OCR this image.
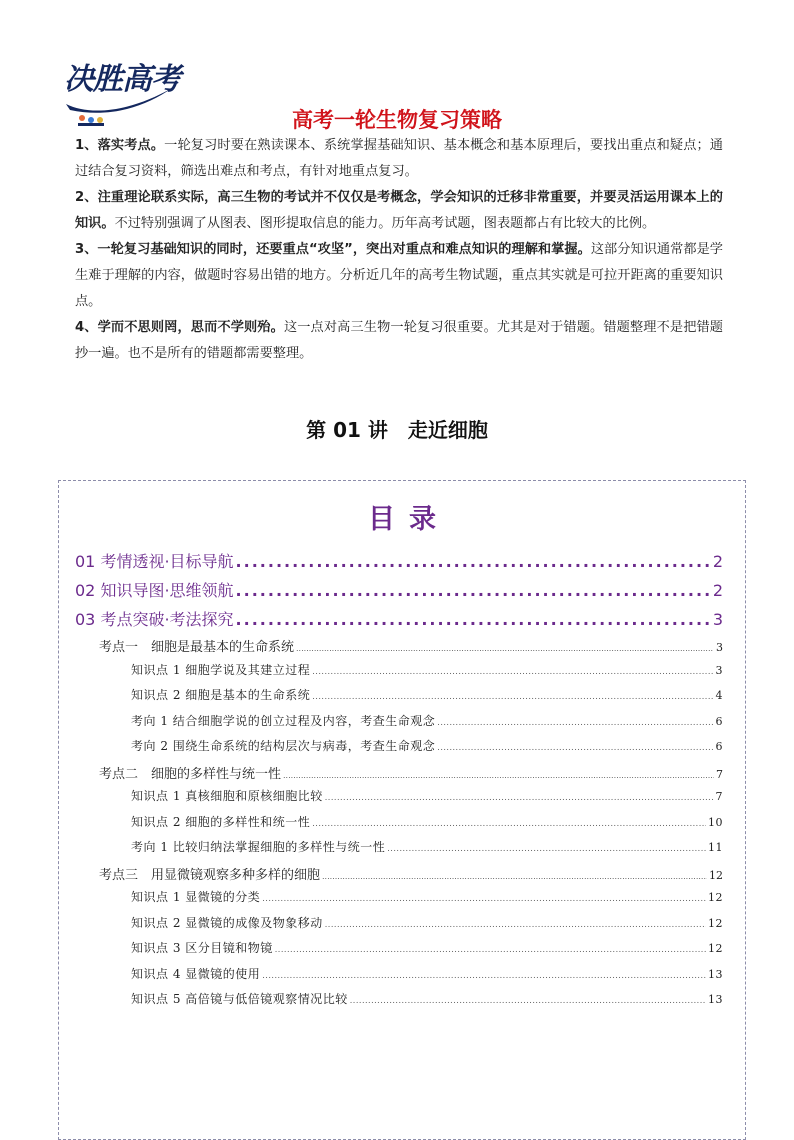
决胜高考
高考一轮生物复习策略

1、落实考点。一轮复习时要在熟读课本、系统掌握基础知识、基本概念和基本原理后，要找出重点和疑点；通过结合复习资料，筛选出难点和考点，有针对地重点复习。

2、注重理论联系实际，高三生物的考试并不仅仅是考概念，学会知识的迁移非常重要，并要灵活运用课本上的知识。不过特别强调了从图表、图形提取信息的能力。历年高考试题，图表题都占有比较大的比例。

3、一轮复习基础知识的同时，还要重点“攻坚”，突出对重点和难点知识的理解和掌握。这部分知识通常都是学生难于理解的内容，做题时容易出错的地方。分析近几年的高考生物试题，重点其实就是可拉开距离的重要知识点。

4、学而不思则罔，思而不学则殆。这一点对高三生物一轮复习很重要。尤其是对于错题。错题整理不是把错题抄一遍。也不是所有的错题都需要整理。

第 01 讲　走近细胞
目录
01 考情透视·目标导航 .....	2
02 知识导图·思维领航 .....	2
03 考点突破·考法探究 .....	3
考点一　细胞是最基本的生命系统 .....	3
知识点 1 细胞学说及其建立过程 .....	3
知识点 2 细胞是基本的生命系统 .....	4
考向 1 结合细胞学说的创立过程及内容，考查生命观念 .....	6
考向 2 围绕生命系统的结构层次与病毒，考查生命观念 .....	6
考点二　细胞的多样性与统一性 .....	7
知识点 1 真核细胞和原核细胞比较 .....	7
知识点 2 细胞的多样性和统一性 .....	10
考向 1 比较归纳法掌握细胞的多样性与统一性 .....	11
考点三　用显微镜观察多种多样的细胞 .....	12
知识点 1 显微镜的分类 .....	12
知识点 2 显微镜的成像及物象移动 .....	12
知识点 3 区分目镜和物镜 .....	12
知识点 4 显微镜的使用 .....	13
知识点 5 高倍镜与低倍镜观察情况比较 .....	13
